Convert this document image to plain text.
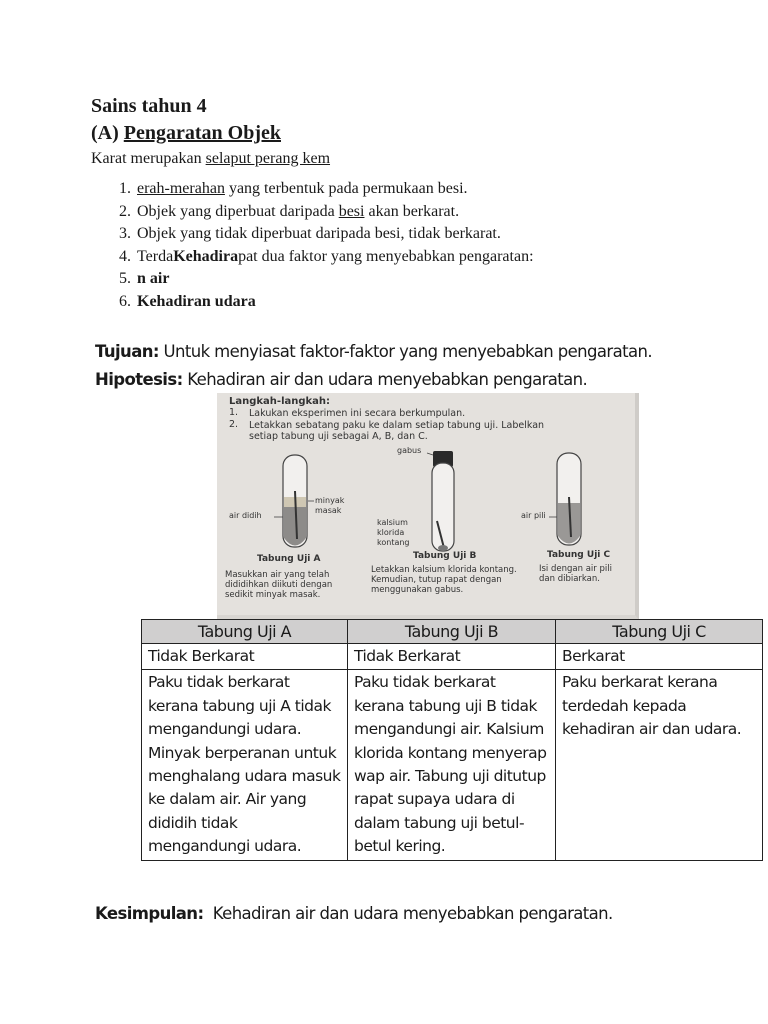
Sains tahun 4
(A) Pengaratan Objek
Karat merupakan selaput perang kem
1. erah-merahan yang terbentuk pada permukaan besi.
2. Objek yang diperbuat daripada besi akan berkarat.
3. Objek yang tidak diperbuat daripada besi, tidak berkarat.
4. TerdaKehadirapat dua faktor yang menyebabkan pengaratan:
5. n air
6. Kehadiran udara
Tujuan: Untuk menyiasat faktor-faktor yang menyebabkan pengaratan.
Hipotesis: Kehadiran air dan udara menyebabkan pengaratan.
Langkah-langkah:
1. Lakukan eksperimen ini secara berkumpulan.
2. Letakkan sebatang paku ke dalam setiap tabung uji. Labelkan
setiap tabung uji sebagai A, B, dan C.
gabus
minyak
masak
air didih
kalsium
klorida
kontang
air pili
Tabung Uji A	Tabung Uji B	Tabung Uji C
Masukkan air yang telah
dididihkan diikuti dengan
sedikit minyak masak.
Letakkan kalsium klorida kontang.
Kemudian, tutup rapat dengan
menggunakan gabus.
Isi dengan air pili
dan dibiarkan.
Tabung Uji A	Tabung Uji B	Tabung Uji C
Tidak Berkarat	Tidak Berkarat	Berkarat
Paku tidak berkarat kerana tabung uji A tidak mengandungi udara. Minyak berperanan untuk menghalang udara masuk ke dalam air. Air yang dididih tidak mengandungi udara.	Paku tidak berkarat kerana tabung uji B tidak mengandungi air. Kalsium klorida kontang menyerap wap air. Tabung uji ditutup rapat supaya udara di dalam tabung uji betul-betul kering.	Paku berkarat kerana terdedah kepada kehadiran air dan udara.
Kesimpulan:  Kehadiran air dan udara menyebabkan pengaratan.
